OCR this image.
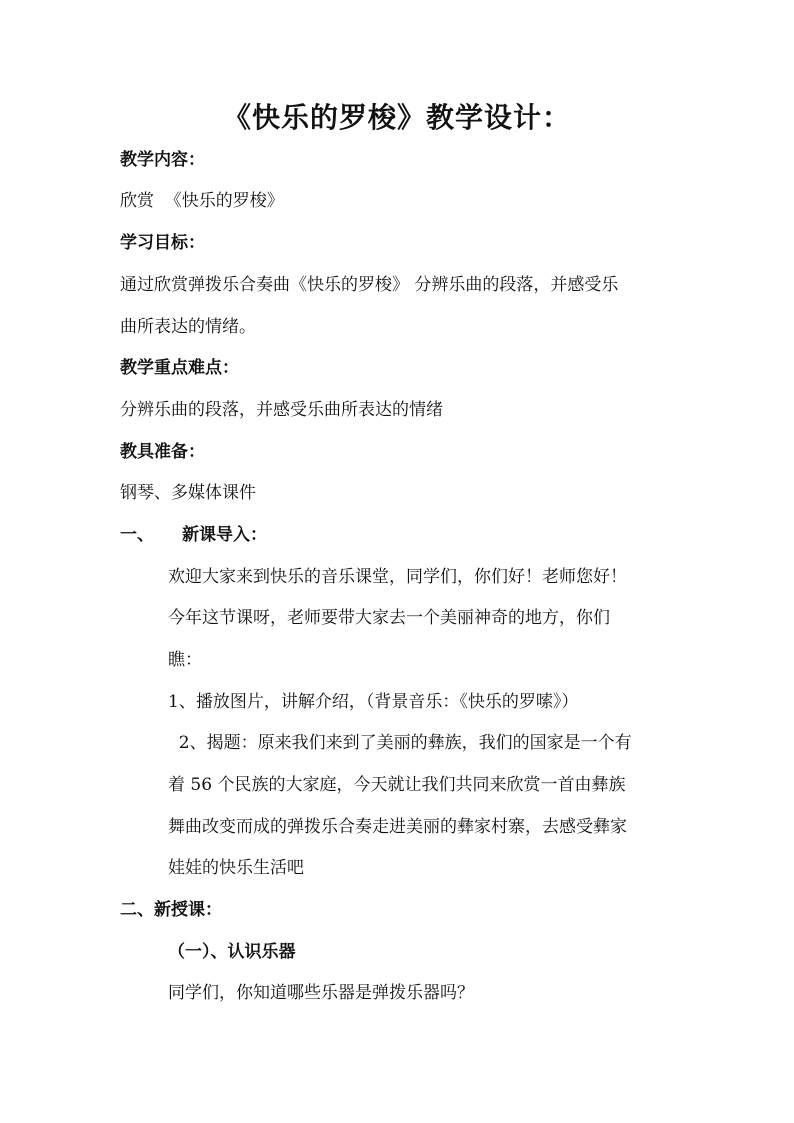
《快乐的罗梭》教学设计：
教学内容：
欣赏  《快乐的罗梭》
学习目标：
通过欣赏弹拨乐合奏曲《快乐的罗梭》 分辨乐曲的段落，并感受乐
曲所表达的情绪。
教学重点难点：
分辨乐曲的段落，并感受乐曲所表达的情绪
教具准备：
钢琴、多媒体课件
一、 新课导入：
欢迎大家来到快乐的音乐课堂，同学们，你们好！老师您好！
今年这节课呀，老师要带大家去一个美丽神奇的地方，你们
瞧：
1、播放图片，讲解介绍，（背景音乐：《快乐的罗嗦》）
2、揭题：原来我们来到了美丽的彝族，我们的国家是一个有
着 56 个民族的大家庭，今天就让我们共同来欣赏一首由彝族
舞曲改变而成的弹拨乐合奏走进美丽的彝家村寨，去感受彝家
娃娃的快乐生活吧
二、新授课：
（一）、认识乐器
同学们，你知道哪些乐器是弹拨乐器吗？
